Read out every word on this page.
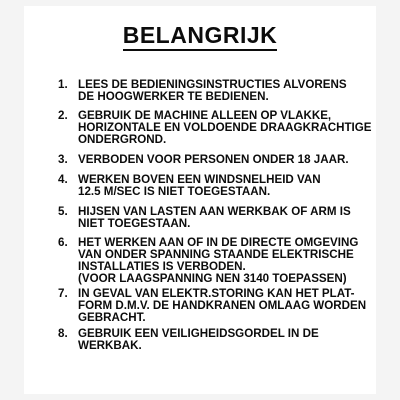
BELANGRIJK
1. LEES DE BEDIENINGSINSTRUCTIES ALVORENS
DE HOOGWERKER TE BEDIENEN.
2. GEBRUIK DE MACHINE ALLEEN OP VLAKKE,
HORIZONTALE EN VOLDOENDE DRAAGKRACHTIGE
ONDERGROND.
3. VERBODEN VOOR PERSONEN ONDER 18 JAAR.
4. WERKEN BOVEN EEN WINDSNELHEID VAN
12.5 M/SEC IS NIET TOEGESTAAN.
5. HIJSEN VAN LASTEN AAN WERKBAK OF ARM IS
NIET TOEGESTAAN.
6. HET WERKEN AAN OF IN DE DIRECTE OMGEVING
VAN ONDER SPANNING STAANDE ELEKTRISCHE
INSTALLATIES IS VERBODEN.
(VOOR LAAGSPANNING NEN 3140 TOEPASSEN)
7. IN GEVAL VAN ELEKTR.STORING KAN HET PLAT-
FORM D.M.V. DE HANDKRANEN OMLAAG WORDEN
GEBRACHT.
8. GEBRUIK EEN VEILIGHEIDSGORDEL IN DE
WERKBAK.
